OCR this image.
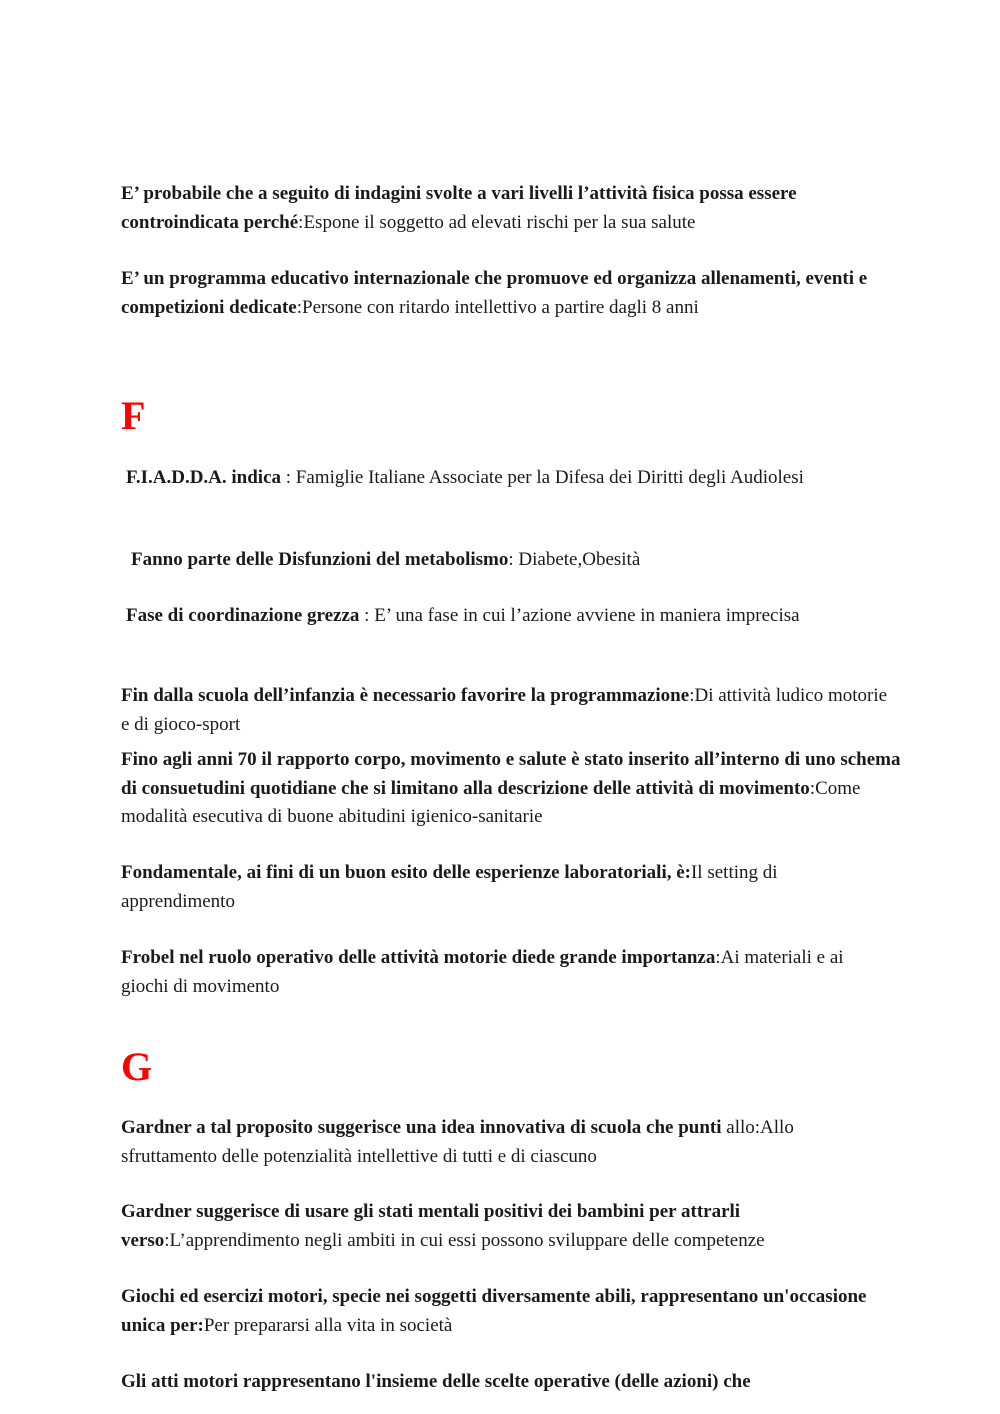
E’ probabile che a seguito di indagini svolte a vari livelli l’attività fisica possa essere controindicata perché:Espone il soggetto ad elevati rischi per la sua salute

E’ un programma educativo internazionale che promuove ed organizza allenamenti, eventi e competizioni dedicate:Persone con ritardo intellettivo a partire dagli 8 anni

F

F.I.A.D.D.A. indica : Famiglie Italiane Associate per la Difesa dei Diritti degli Audiolesi

Fanno parte delle Disfunzioni del metabolismo: Diabete,Obesità

Fase di coordinazione grezza : E’ una fase in cui l’azione avviene in maniera imprecisa

Fin dalla scuola dell’infanzia è necessario favorire la programmazione:Di attività ludico motorie e di gioco-sport

Fino agli anni 70 il rapporto corpo, movimento e salute è stato inserito all’interno di uno schema di consuetudini quotidiane che si limitano alla descrizione delle attività di movimento:Come modalità esecutiva di buone abitudini igienico-sanitarie

Fondamentale, ai fini di un buon esito delle esperienze laboratoriali, è:Il setting di apprendimento

Frobel nel ruolo operativo delle attività motorie diede grande importanza:Ai materiali e ai giochi di movimento

G

Gardner a tal proposito suggerisce una idea innovativa di scuola che punti allo:Allo sfruttamento delle potenzialità intellettive di tutti e di ciascuno

Gardner suggerisce di usare gli stati mentali positivi dei bambini per attrarli verso:L’apprendimento negli ambiti in cui essi possono sviluppare delle competenze

Giochi ed esercizi motori, specie nei soggetti diversamente abili, rappresentano un'occasione unica per:Per prepararsi alla vita in società

Gli atti motori rappresentano l'insieme delle scelte operative (delle azioni) che
